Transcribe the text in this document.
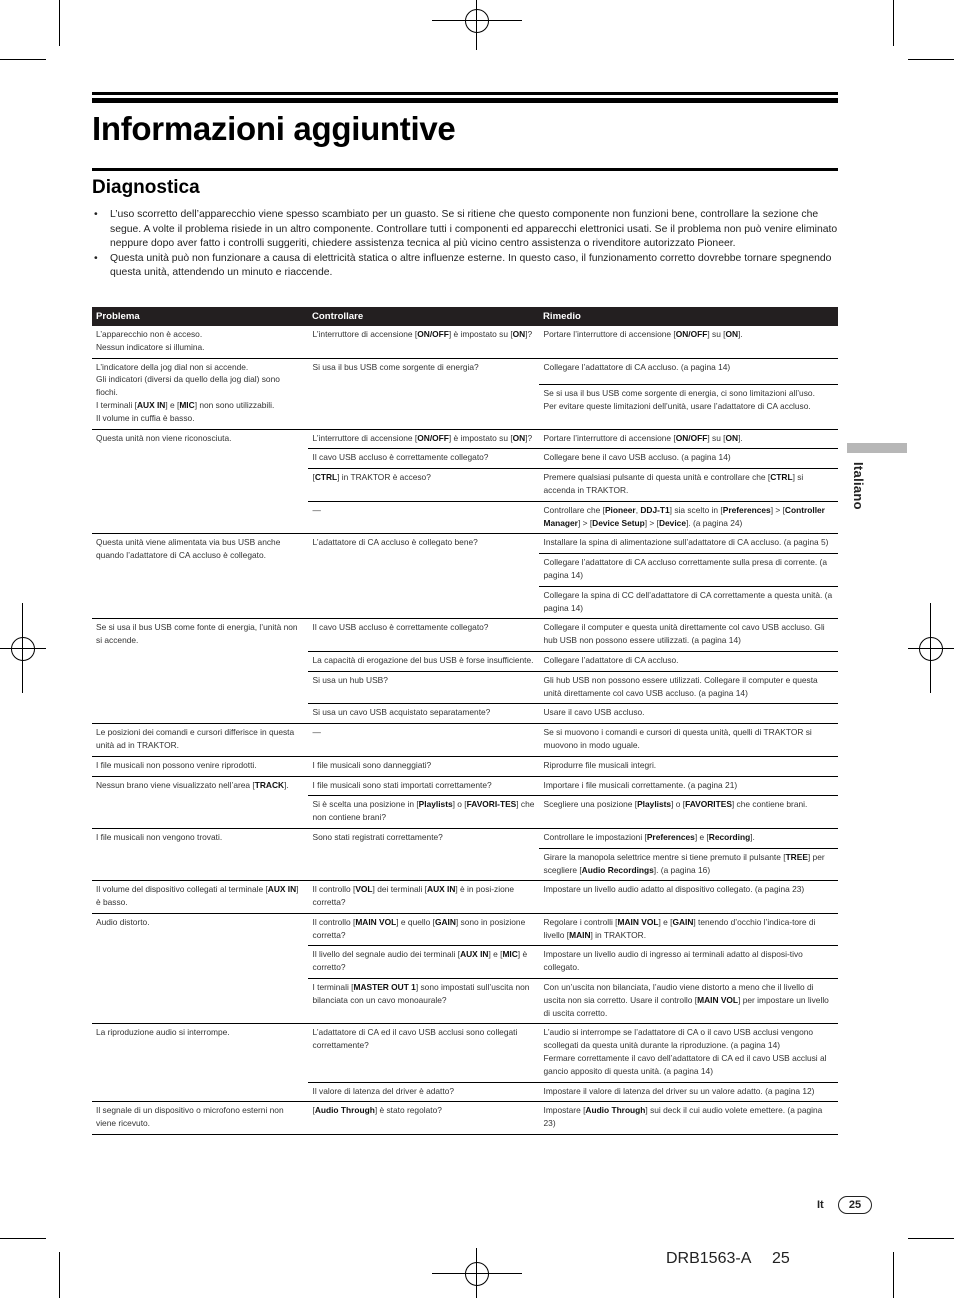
Informazioni aggiuntive
Diagnostica
• L’uso scorretto dell’apparecchio viene spesso scambiato per un guasto. Se si ritiene che questo componente non funzioni bene, controllare la sezione che segue. A volte il problema risiede in un altro componente. Controllare tutti i componenti ed apparecchi elettronici usati. Se il problema non può venire eliminato neppure dopo aver fatto i controlli suggeriti, chiedere assistenza tecnica al più vicino centro assistenza o rivenditore autorizzato Pioneer.
• Questa unità può non funzionare a causa di elettricità statica o altre influenze esterne. In questo caso, il funzionamento corretto dovrebbe tornare spegnendo questa unità, attendendo un minuto e riaccende.
Problema	Controllare	Rimedio
L’apparecchio non è acceso.
Nessun indicatore si illumina.	L’interruttore di accensione [ON/OFF] è impostato su [ON]?	Portare l’interruttore di accensione [ON/OFF] su [ON].
L’indicatore della jog dial non si accende.
Gli indicatori (diversi da quello della jog dial) sono fiochi.
I terminali [AUX IN] e [MIC] non sono utilizzabili.
Il volume in cuffia è basso.	Si usa il bus USB come sorgente di energia?	Collegare l’adattatore di CA accluso. (a pagina 14)
		Se si usa il bus USB come sorgente di energia, ci sono limitazioni all’uso.
Per evitare queste limitazioni dell’unità, usare l’adattatore di CA accluso.
Questa unità non viene riconosciuta.	L’interruttore di accensione [ON/OFF] è impostato su [ON]?	Portare l’interruttore di accensione [ON/OFF] su [ON].
	Il cavo USB accluso è correttamente collegato?	Collegare bene il cavo USB accluso. (a pagina 14)
	[CTRL] in TRAKTOR è acceso?	Premere qualsiasi pulsante di questa unità e controllare che [CTRL] si accenda in TRAKTOR.
	—	Controllare che [Pioneer, DDJ-T1] sia scelto in [Preferences] > [Controller Manager] > [Device Setup] > [Device]. (a pagina 24)
Questa unità viene alimentata via bus USB anche quando l’adattatore di CA accluso è collegato.	L’adattatore di CA accluso è collegato bene?	Installare la spina di alimentazione sull’adattatore di CA accluso. (a pagina 5)
		Collegare l’adattatore di CA accluso correttamente sulla presa di corrente. (a pagina 14)
		Collegare la spina di CC dell’adattatore di CA correttamente a questa unità. (a pagina 14)
Se si usa il bus USB come fonte di energia, l’unità non si accende.	Il cavo USB accluso è correttamente collegato?	Collegare il computer e questa unità direttamente col cavo USB accluso. Gli hub USB non possono essere utilizzati. (a pagina 14)
	La capacità di erogazione del bus USB è forse insufficiente.	Collegare l’adattatore di CA accluso.
	Si usa un hub USB?	Gli hub USB non possono essere utilizzati. Collegare il computer e questa unità direttamente col cavo USB accluso. (a pagina 14)
	Si usa un cavo USB acquistato separatamente?	Usare il cavo USB accluso.
Le posizioni dei comandi e cursori differisce in questa unità ad in TRAKTOR.	—	Se si muovono i comandi e cursori di questa unità, quelli di TRAKTOR si muovono in modo uguale.
I file musicali non possono venire riprodotti.	I file musicali sono danneggiati?	Riprodurre file musicali integri.
Nessun brano viene visualizzato nell’area [TRACK].	I file musicali sono stati importati correttamente?	Importare i file musicali correttamente. (a pagina 21)
	Si è scelta una posizione in [Playlists] o [FAVORI-TES] che non contiene brani?	Scegliere una posizione [Playlists] o [FAVORITES] che contiene brani.
I file musicali non vengono trovati.	Sono stati registrati correttamente?	Controllare le impostazioni [Preferences] e [Recording].
		Girare la manopola selettrice mentre si tiene premuto il pulsante [TREE] per scegliere [Audio Recordings]. (a pagina 16)
Il volume del dispositivo collegati al terminale [AUX IN] è basso.	Il controllo [VOL] dei terminali [AUX IN] è in posi-zione corretta?	Impostare un livello audio adatto al dispositivo collegato. (a pagina 23)
Audio distorto.	Il controllo [MAIN VOL] e quello [GAIN] sono in posizione corretta?	Regolare i controlli [MAIN VOL] e [GAIN] tenendo d’occhio l’indica-tore di livello [MAIN] in TRAKTOR.
	Il livello del segnale audio dei terminali [AUX IN] e [MIC] è corretto?	Impostare un livello audio di ingresso ai terminali adatto al disposi-tivo collegato.
	I terminali [MASTER OUT 1] sono impostati sull’uscita non bilanciata con un cavo monoaurale?	Con un’uscita non bilanciata, l’audio viene distorto a meno che il livello di uscita non sia corretto. Usare il controllo [MAIN VOL] per impostare un livello di uscita corretto.
La riproduzione audio si interrompe.	L’adattatore di CA ed il cavo USB acclusi sono collegati correttamente?	L’audio si interrompe se l’adattatore di CA o il cavo USB acclusi vengono scollegati da questa unità durante la riproduzione. (a pagina 14)
Fermare correttamente il cavo dell’adattatore di CA ed il cavo USB acclusi al gancio apposito di questa unità. (a pagina 14)
	Il valore di latenza del driver è adatto?	Impostare il valore di latenza del driver su un valore adatto. (a pagina 12)
Il segnale di un dispositivo o microfono esterni non viene ricevuto.	[Audio Through] è stato regolato?	Impostare [Audio Through] sui deck il cui audio volete emettere. (a pagina 23)
Italiano
It	25
DRB1563-A 25
